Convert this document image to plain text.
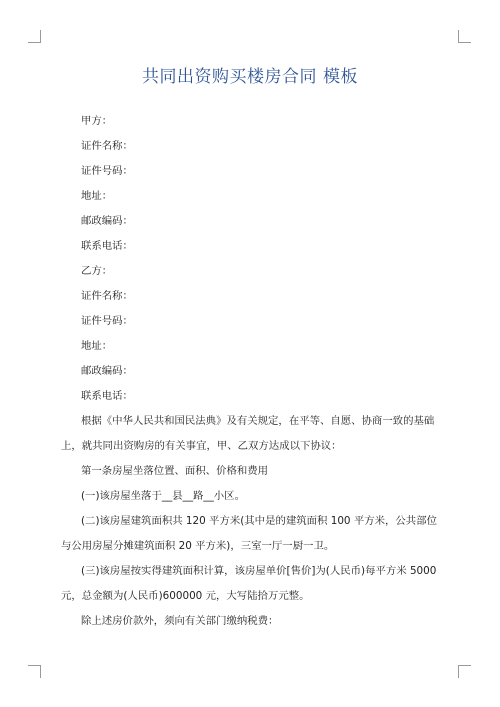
共同出资购买楼房合同 模板
甲方：
证件名称：
证件号码：
地址：
邮政编码：
联系电话：
乙方：
证件名称：
证件号码：
地址：
邮政编码：
联系电话：
根据《中华人民共和国民法典》及有关规定，在平等、自愿、协商一致的基础上，就共同出资购房的有关事宜，甲、乙双方达成以下协议：
第一条房屋坐落位置、面积、价格和费用
(一)该房屋坐落于__县__路__小区。
(二)该房屋建筑面积共 120 平方米(其中是的建筑面积 100 平方米，公共部位与公用房屋分摊建筑面积 20 平方米)，三室一厅一厨一卫。
(三)该房屋按实得建筑面积计算，该房屋单价[售价]为(人民币)每平方米 5000 元，总金额为(人民币)600000 元，大写陆拾万元整。
除上述房价款外，须向有关部门缴纳税费：
